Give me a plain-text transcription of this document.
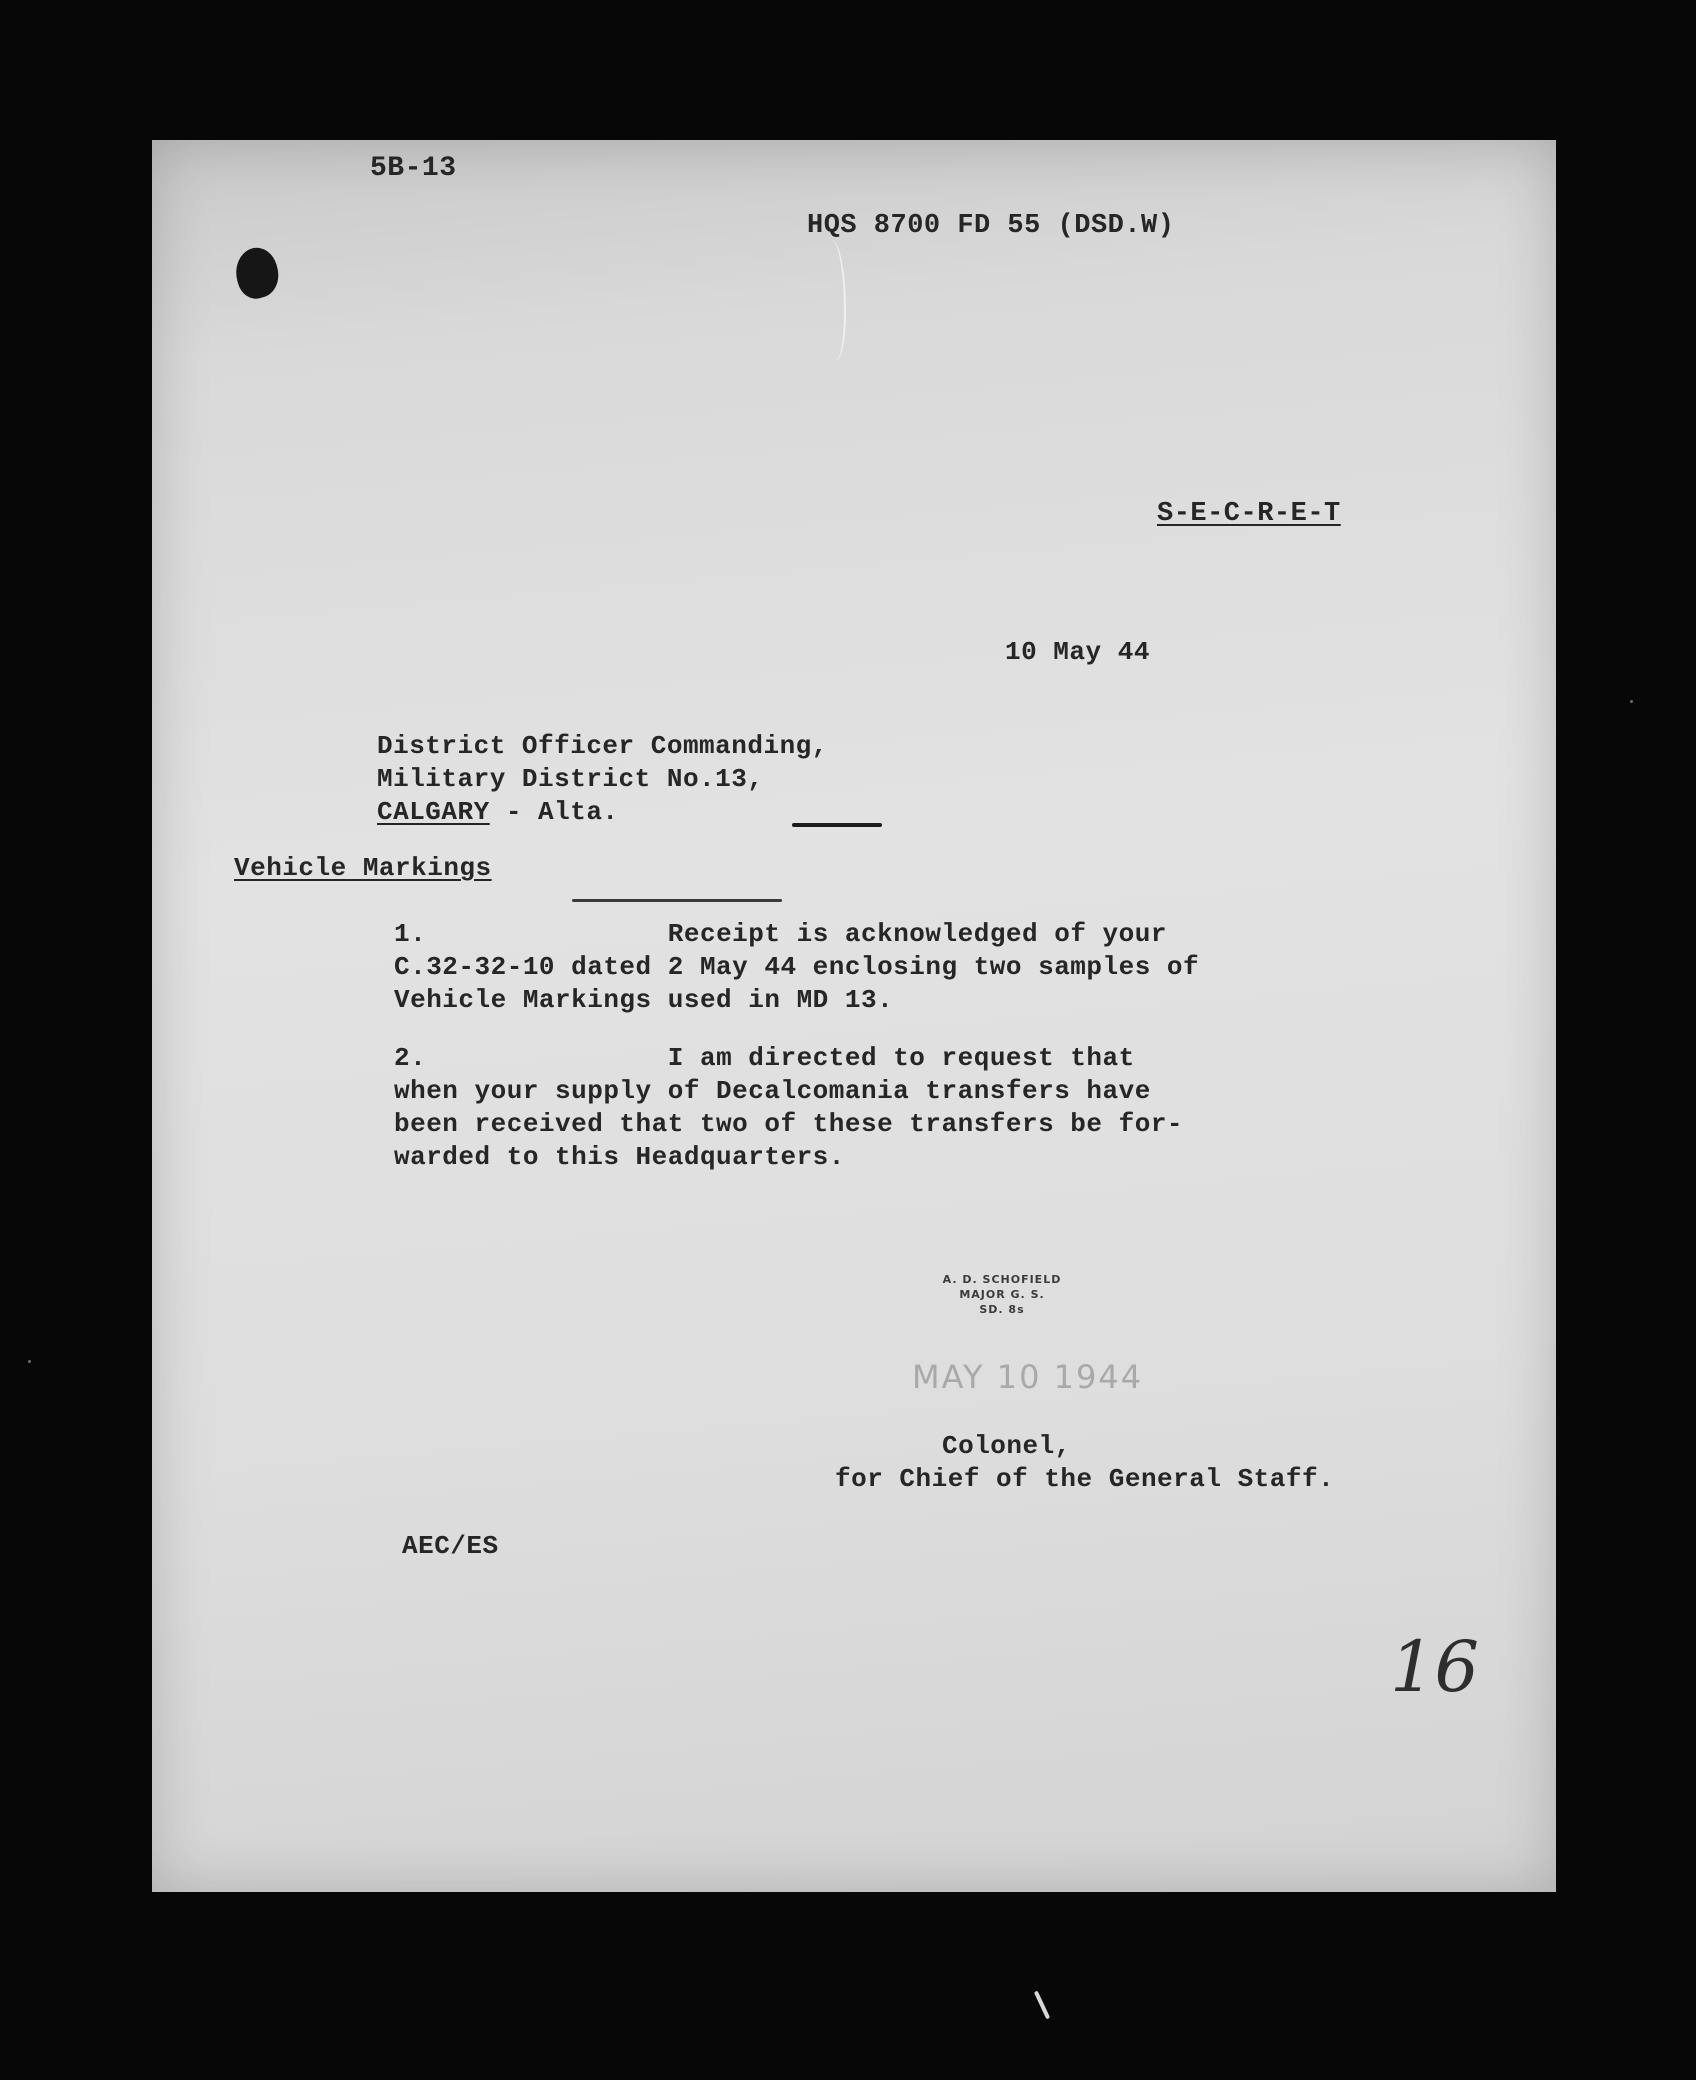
5B-13
HQS 8700 FD 55 (DSD.W)
S-E-C-R-E-T
10 May 44
District Officer Commanding,
Military District No.13,
CALGARY - Alta.
Vehicle Markings
1.	Receipt is acknowledged of your
C.32-32-10 dated 2 May 44 enclosing two samples of
Vehicle Markings used in MD 13.
2.	I am directed to request that
when your supply of Decalcomania transfers have
been received that two of these transfers be for-
warded to this Headquarters.
A. D. SCHOFIELD
MAJOR G. S.
SD. 8s
MAY 10 1944
Colonel,
for Chief of the General Staff.
AEC/ES
16
